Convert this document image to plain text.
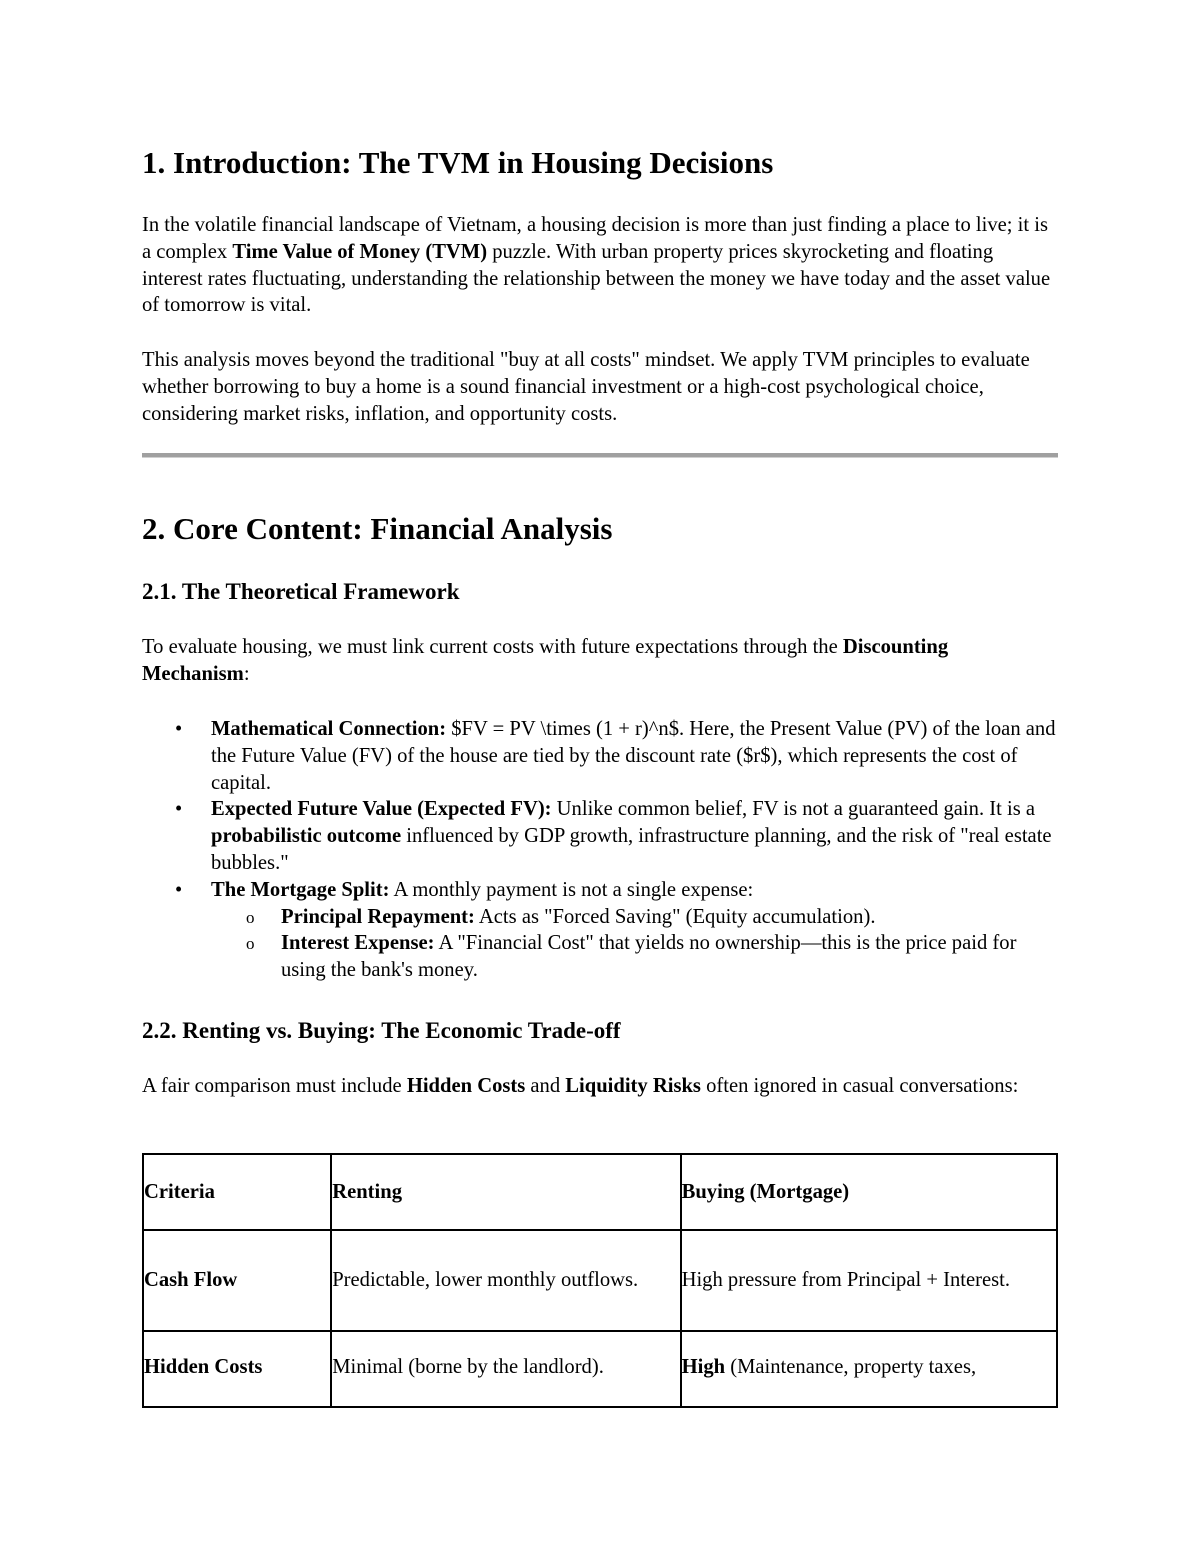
1. Introduction: The TVM in Housing Decisions

In the volatile financial landscape of Vietnam, a housing decision is more than just finding a place to live; it is a complex Time Value of Money (TVM) puzzle. With urban property prices skyrocketing and floating interest rates fluctuating, understanding the relationship between the money we have today and the asset value of tomorrow is vital.

This analysis moves beyond the traditional "buy at all costs" mindset. We apply TVM principles to evaluate whether borrowing to buy a home is a sound financial investment or a high-cost psychological choice, considering market risks, inflation, and opportunity costs.

2. Core Content: Financial Analysis
2.1. The Theoretical Framework

To evaluate housing, we must link current costs with future expectations through the Discounting Mechanism:

• Mathematical Connection: $FV = PV \times (1 + r)^n$. Here, the Present Value (PV) of the loan and the Future Value (FV) of the house are tied by the discount rate ($r$), which represents the cost of capital.
• Expected Future Value (Expected FV): Unlike common belief, FV is not a guaranteed gain. It is a probabilistic outcome influenced by GDP growth, infrastructure planning, and the risk of "real estate bubbles."
• The Mortgage Split: A monthly payment is not a single expense:
o Principal Repayment: Acts as "Forced Saving" (Equity accumulation).
o Interest Expense: A "Financial Cost" that yields no ownership—this is the price paid for using the bank's money.
2.2. Renting vs. Buying: The Economic Trade-off

A fair comparison must include Hidden Costs and Liquidity Risks often ignored in casual conversations:

Criteria	Renting	Buying (Mortgage)
Cash Flow	Predictable, lower monthly outflows.	High pressure from Principal + Interest.
Hidden Costs	Minimal (borne by the landlord).	High (Maintenance, property taxes,
